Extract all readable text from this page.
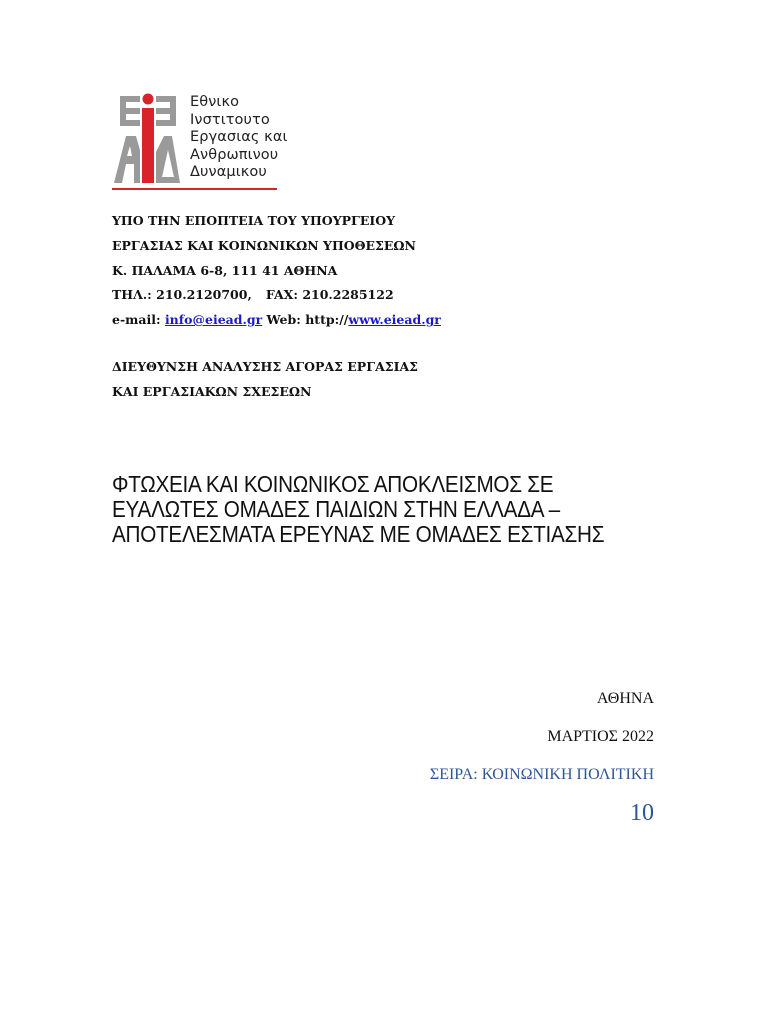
Εθνικο
Ινστιτουτο
Εργασιας και
Ανθρωπινου
Δυναμικου
ΥΠΟ ΤΗΝ ΕΠΟΠΤΕΙΑ ΤΟΥ ΥΠΟΥΡΓΕΙΟΥ
ΕΡΓΑΣΙΑΣ ΚΑΙ ΚΟΙΝΩΝΙΚΩΝ ΥΠΟΘΕΣΕΩΝ
Κ. ΠΑΛΑΜΑ 6-8, 111 41 ΑΘΗΝΑ
ΤΗΛ.: 210.2120700, FAX: 210.2285122
e-mail: info@eiead.gr Web: http://www.eiead.gr
ΔΙΕΥΘΥΝΣΗ ΑΝΑΛΥΣΗΣ ΑΓΟΡΑΣ ΕΡΓΑΣΙΑΣ
ΚΑΙ ΕΡΓΑΣΙΑΚΩΝ ΣΧΕΣΕΩΝ
ΦΤΩΧΕΙΑ ΚΑΙ ΚΟΙΝΩΝΙΚΟΣ ΑΠΟΚΛΕΙΣΜΟΣ ΣΕ
ΕΥΑΛΩΤΕΣ ΟΜΑΔΕΣ ΠΑΙΔΙΩΝ ΣΤΗΝ ΕΛΛΑΔΑ –
ΑΠΟΤΕΛΕΣΜΑΤΑ ΕΡΕΥΝΑΣ ΜΕ ΟΜΑΔΕΣ ΕΣΤΙΑΣΗΣ
ΑΘΗΝΑ
ΜΑΡΤΙΟΣ 2022
ΣΕΙΡΑ: ΚΟΙΝΩΝΙΚΗ ΠΟΛΙΤΙΚΗ
10
